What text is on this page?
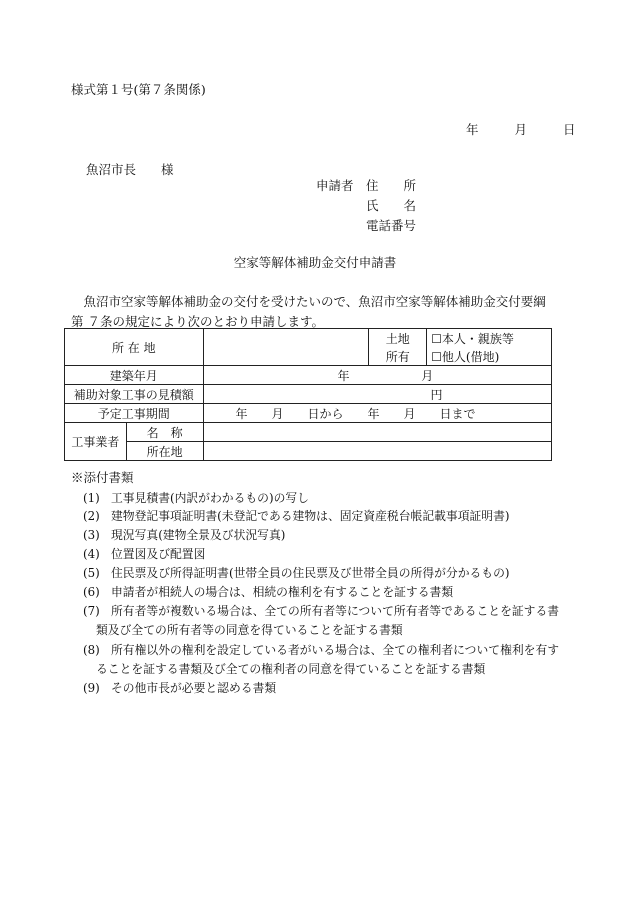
様式第１号(第７条関係)
年	月	日
魚沼市長　　様
申請者 住　　所
氏　　名
電話番号
空家等解体補助金交付申請書
魚沼市空家等解体補助金の交付を受けたいので、魚沼市空家等解体補助金交付要綱第 ７条の規定により次のとおり申請します。
所 在 地			土地	☐本人・親族等
			所有	☐他人(借地)
建築年月		年 月		
補助対象工事の見積額		円		
予定工事期間		年　　月　　日から　　年　　月　　日まで		
工事業者	名　称			
	所在地			
※添付書類
(1) 工事見積書(内訳がわかるもの)の写し
(2) 建物登記事項証明書(未登記である建物は、固定資産税台帳記載事項証明書)
(3) 現況写真(建物全景及び状況写真)
(4) 位置図及び配置図
(5) 住民票及び所得証明書(世帯全員の住民票及び世帯全員の所得が分かるもの)
(6) 申請者が相続人の場合は、相続の権利を有することを証する書類
(7) 所有者等が複数いる場合は、全ての所有者等について所有者等であることを証する書
類及び全ての所有者等の同意を得ていることを証する書類
(8) 所有権以外の権利を設定している者がいる場合は、全ての権利者について権利を有す
ることを証する書類及び全ての権利者の同意を得ていることを証する書類
(9) その他市長が必要と認める書類
